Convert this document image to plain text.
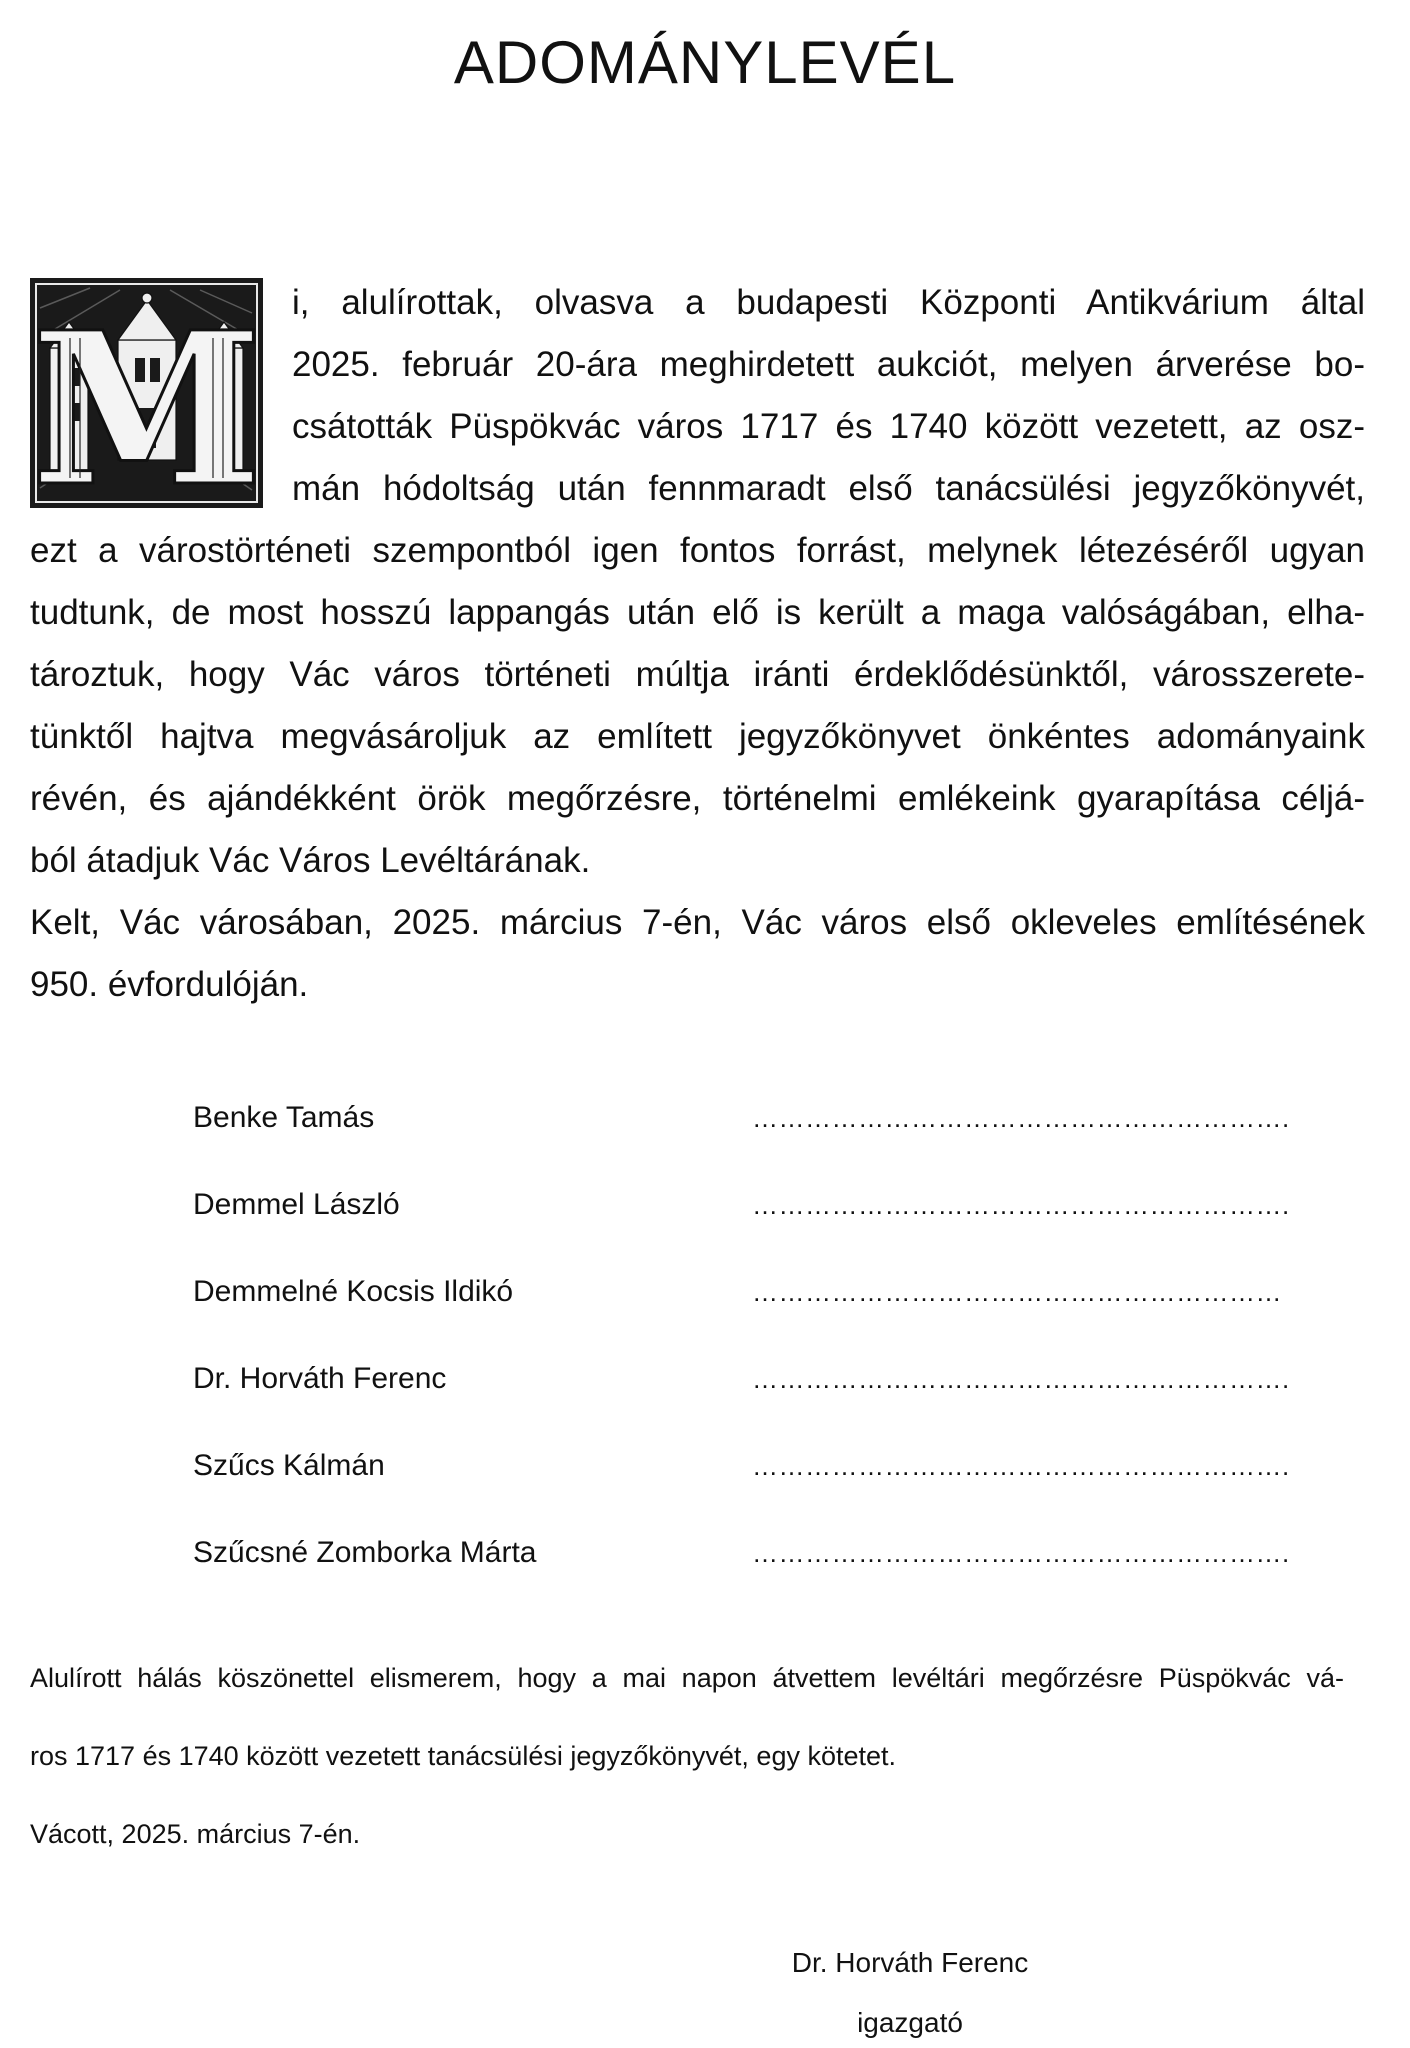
ADOMÁNYLEVÉL
M i, alulírottak, olvasva a budapesti Központi Antikvárium által
2025. február 20-ára meghirdetett aukciót, melyen árverése bo-
csátották Püspökvác város 1717 és 1740 között vezetett, az osz-
mán hódoltság után fennmaradt első tanácsülési jegyzőkönyvét,
ezt a várostörténeti szempontból igen fontos forrást, melynek létezéséről ugyan
tudtunk, de most hosszú lappangás után elő is került a maga valóságában, elha-
tároztuk, hogy Vác város történeti múltja iránti érdeklődésünktől, városszerete-
tünktől hajtva megvásároljuk az említett jegyzőkönyvet önkéntes adományaink
révén, és ajándékként örök megőrzésre, történelmi emlékeink gyarapítása céljá-
ból átadjuk Vác Város Levéltárának.
Kelt, Vác városában, 2025. március 7-én, Vác város első okleveles említésének
950. évfordulóján.
Benke Tamás	…………………………………………………….
Demmel László	…………………………………………………….
Demmelné Kocsis Ildikó	……………………………………………………
Dr. Horváth Ferenc	…………………………………………………….
Szűcs Kálmán	…………………………………………………….
Szűcsné Zomborka Márta	…………………………………………………….
Alulírott hálás köszönettel elismerem, hogy a mai napon átvettem levéltári megőrzésre Püspökvác vá-
ros 1717 és 1740 között vezetett tanácsülési jegyzőkönyvét, egy kötetet.
Vácott, 2025. március 7-én.
Dr. Horváth Ferenc
igazgató
